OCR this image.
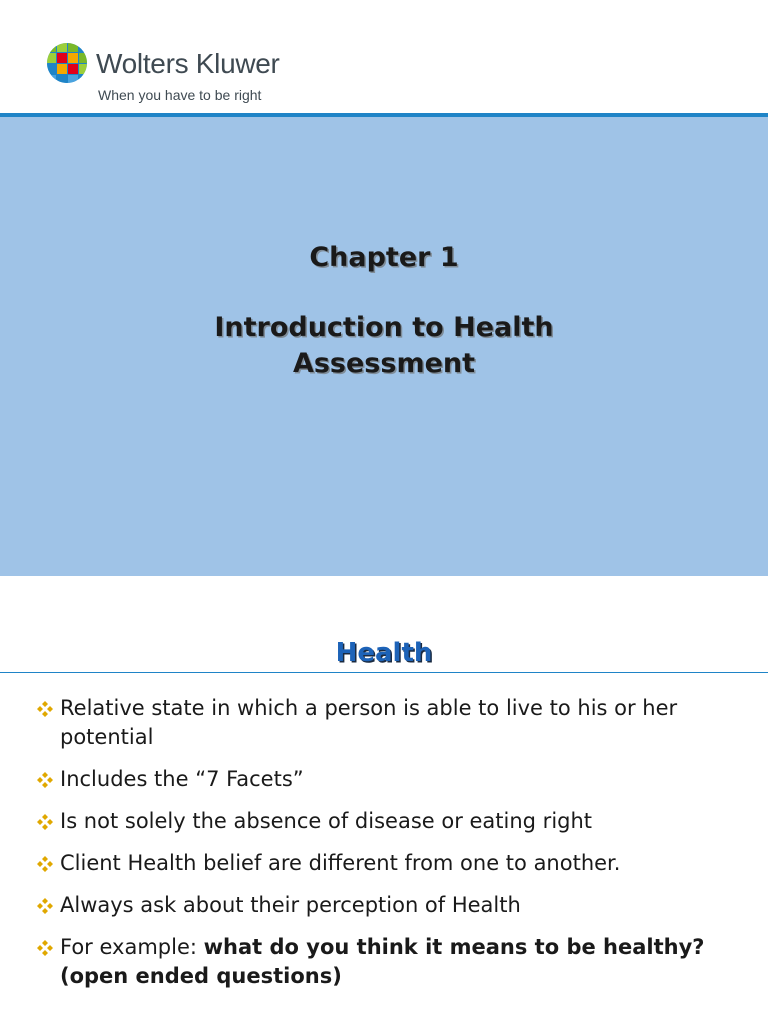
Wolters Kluwer
When you have to be right
Chapter 1
Introduction to Health
Assessment
Health
Relative state in which a person is able to live to his or her potential
Includes the “7 Facets”
Is not solely the absence of disease or eating right
Client Health belief are different from one to another.
Always ask about their perception of Health
For example: what do you think it means to be healthy?(open ended questions)
